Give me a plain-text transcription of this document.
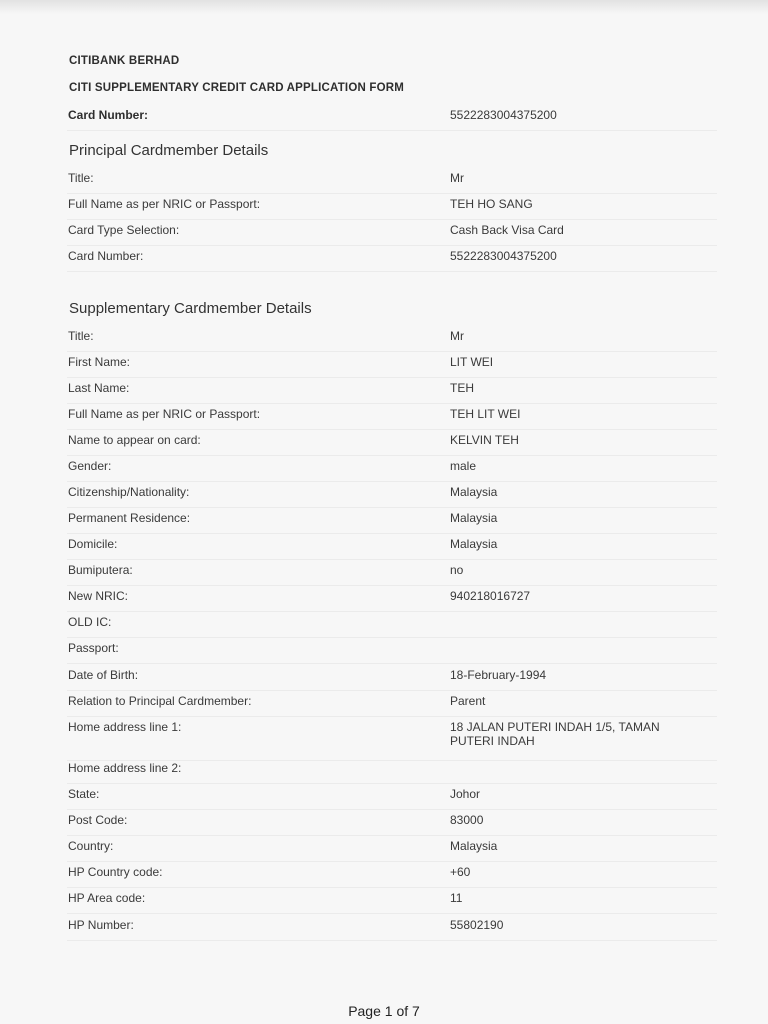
CITIBANK BERHAD
CITI SUPPLEMENTARY CREDIT CARD APPLICATION FORM
Card Number:	5522283004375200
Principal Cardmember Details
Title:	Mr
Full Name as per NRIC or Passport:	TEH HO SANG
Card Type Selection:	Cash Back Visa Card
Card Number:	5522283004375200
Supplementary Cardmember Details
Title:	Mr
First Name:	LIT WEI
Last Name:	TEH
Full Name as per NRIC or Passport:	TEH LIT WEI
Name to appear on card:	KELVIN TEH
Gender:	male
Citizenship/Nationality:	Malaysia
Permanent Residence:	Malaysia
Domicile:	Malaysia
Bumiputera:	no
New NRIC:	940218016727
OLD IC:
Passport:
Date of Birth:	18-February-1994
Relation to Principal Cardmember:	Parent
Home address line 1:	18 JALAN PUTERI INDAH 1/5, TAMAN PUTERI INDAH
Home address line 2:
State:	Johor
Post Code:	83000
Country:	Malaysia
HP Country code:	+60
HP Area code:	11
HP Number:	55802190
Page 1 of 7
